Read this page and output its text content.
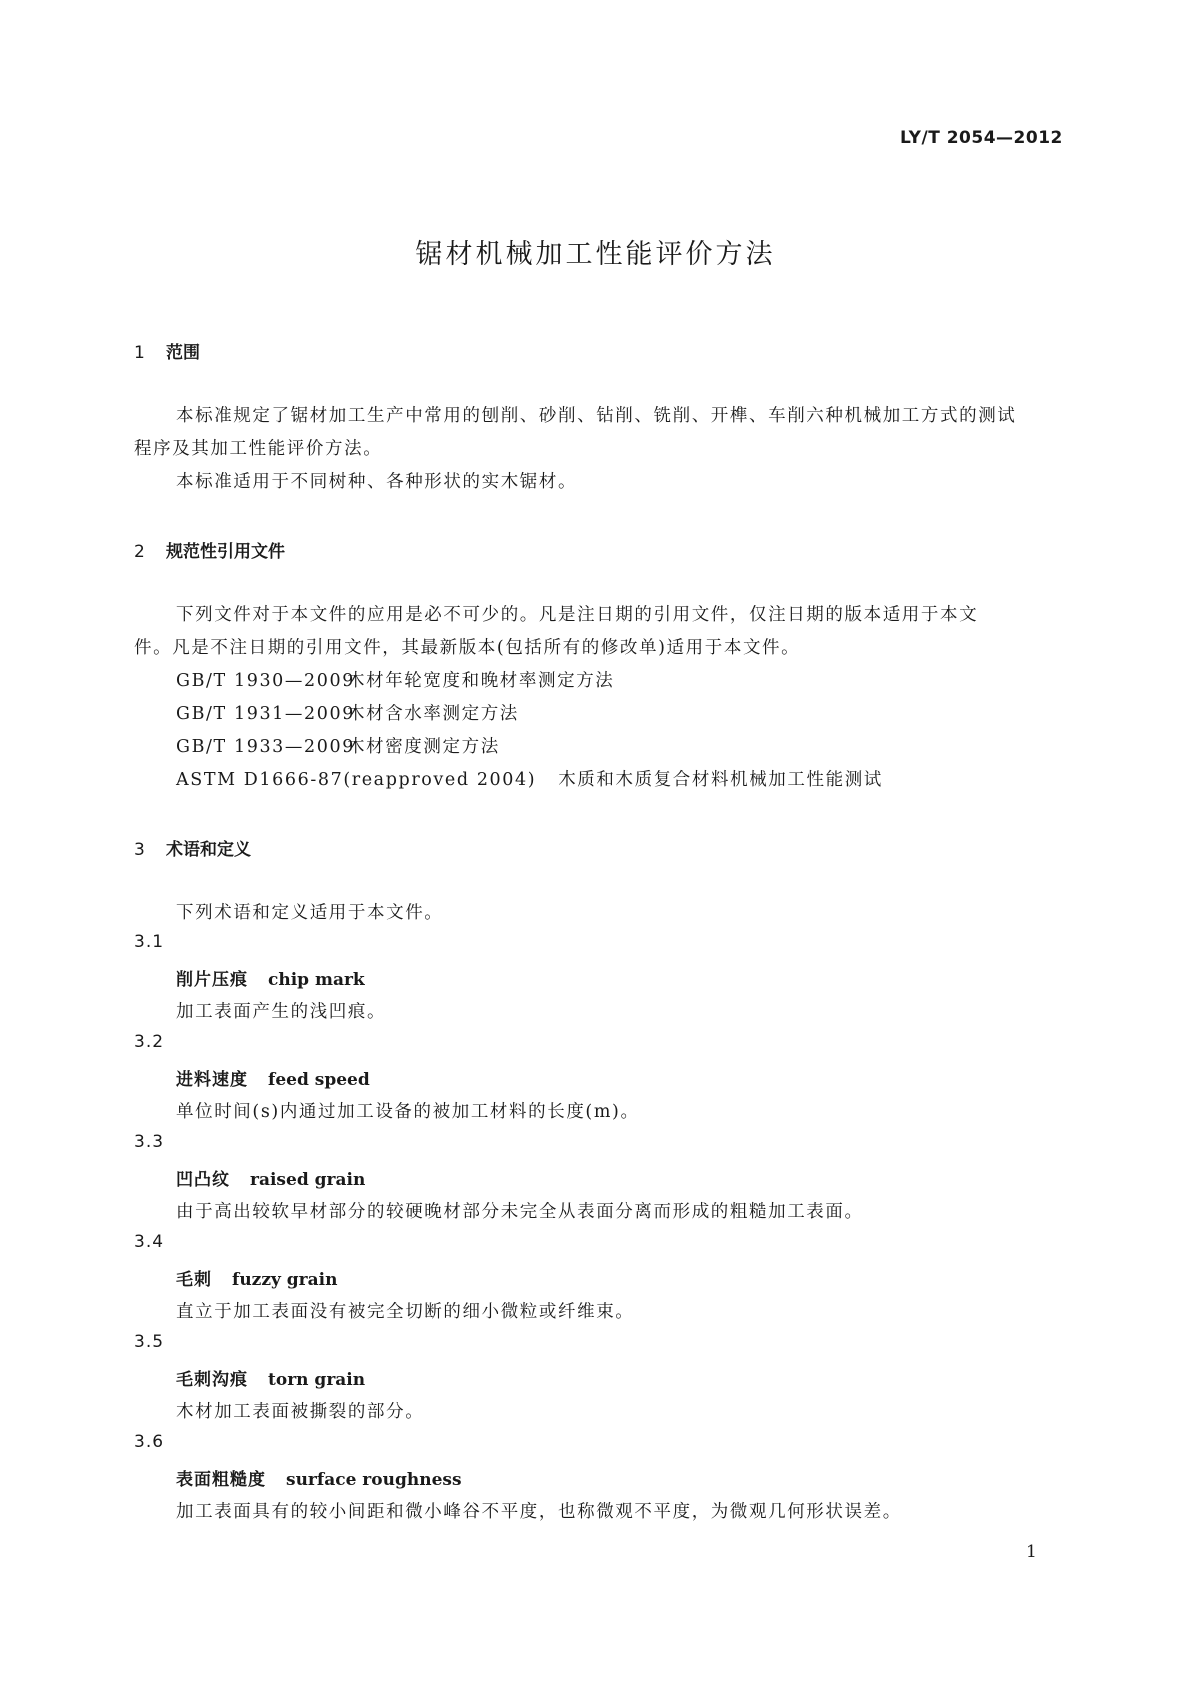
LY/T 2054—2012
锯材机械加工性能评价方法
1 范围
本标准规定了锯材加工生产中常用的刨削、砂削、钻削、铣削、开榫、车削六种机械加工方式的测试
程序及其加工性能评价方法。
本标准适用于不同树种、各种形状的实木锯材。
2 规范性引用文件
下列文件对于本文件的应用是必不可少的。凡是注日期的引用文件，仅注日期的版本适用于本文
件。凡是不注日期的引用文件，其最新版本(包括所有的修改单)适用于本文件。
GB/T 1930—2009木材年轮宽度和晚材率测定方法
GB/T 1931—2009木材含水率测定方法
GB/T 1933—2009木材密度测定方法
ASTM D1666-87(reapproved 2004) 木质和木质复合材料机械加工性能测试
3 术语和定义
下列术语和定义适用于本文件。
3.1
削片压痕 chip mark
加工表面产生的浅凹痕。
3.2
进料速度 feed speed
单位时间(s)内通过加工设备的被加工材料的长度(m)。
3.3
凹凸纹 raised grain
由于高出较软早材部分的较硬晚材部分未完全从表面分离而形成的粗糙加工表面。
3.4
毛刺 fuzzy grain
直立于加工表面没有被完全切断的细小微粒或纤维束。
3.5
毛刺沟痕 torn grain
木材加工表面被撕裂的部分。
3.6
表面粗糙度 surface roughness
加工表面具有的较小间距和微小峰谷不平度，也称微观不平度，为微观几何形状误差。
1
